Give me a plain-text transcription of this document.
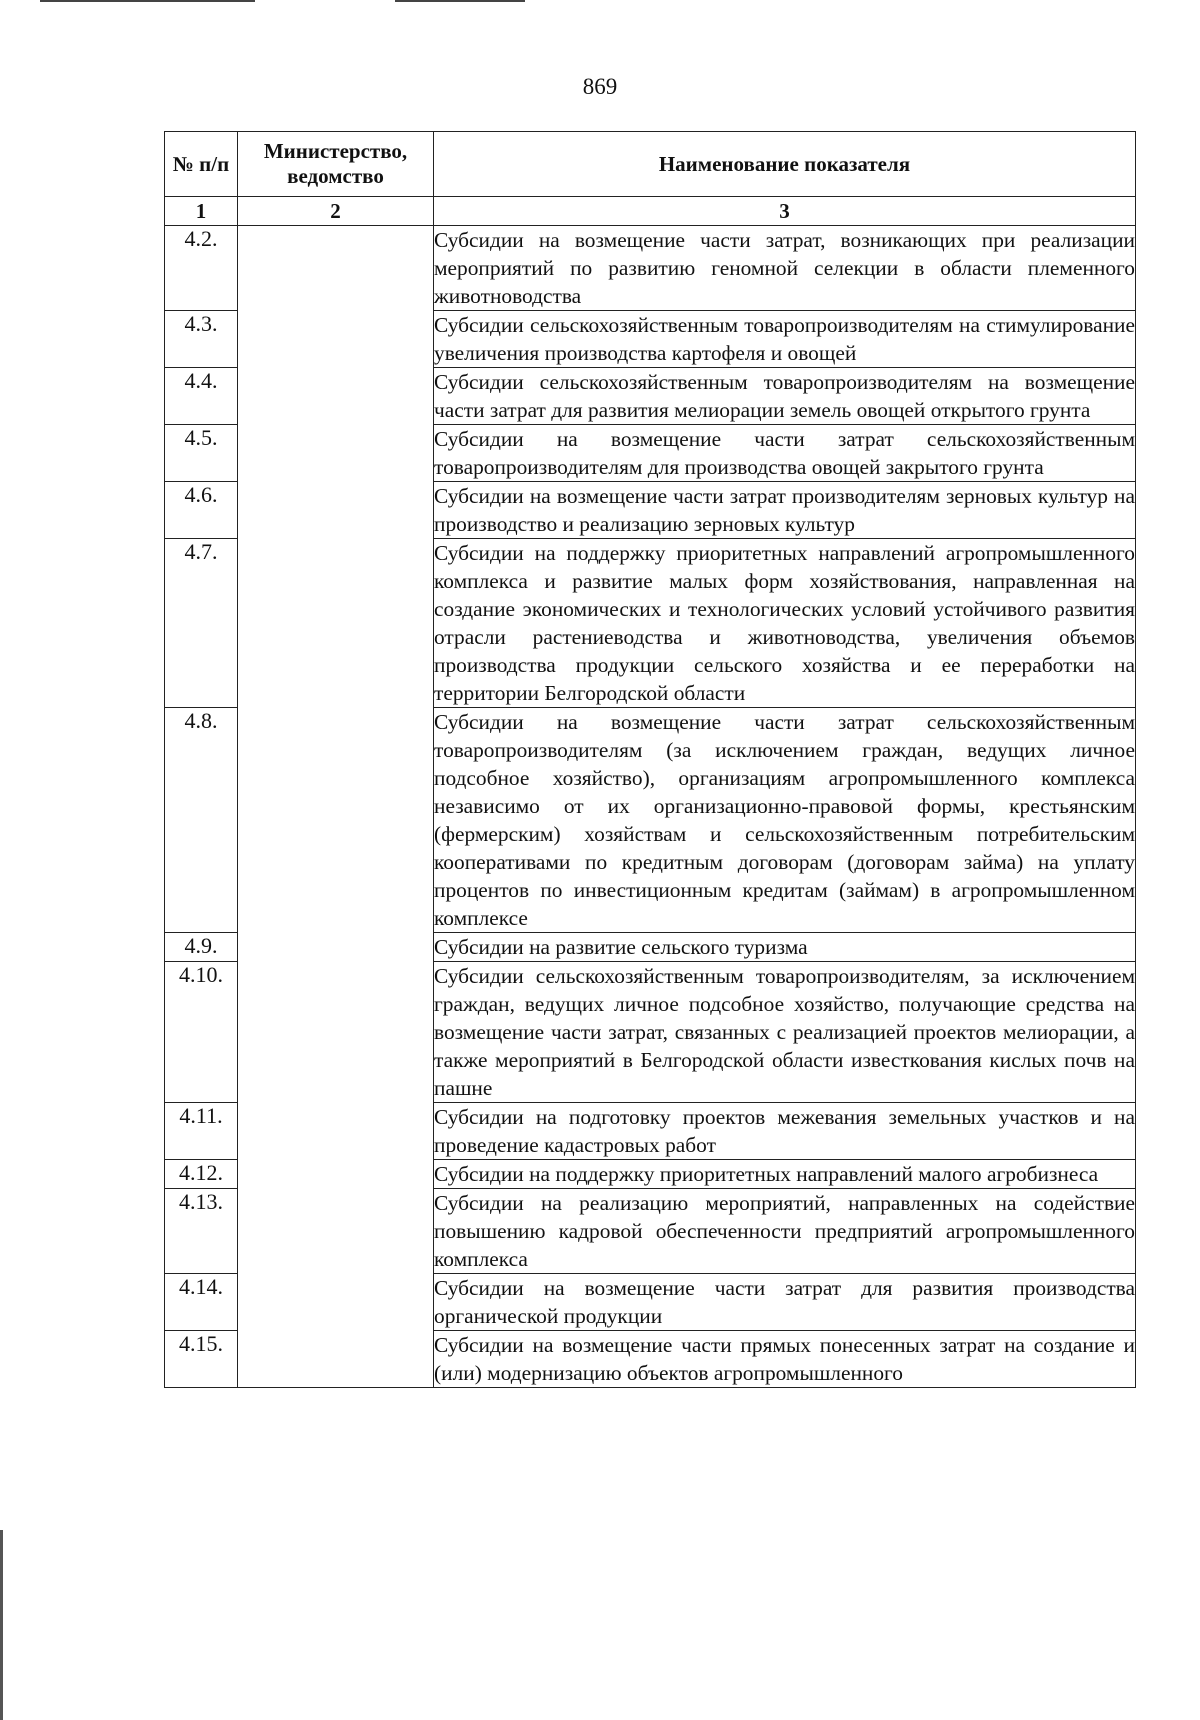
869
№ п/п	Министерство, ведомство	Наименование показателя
1	2	3
4.2.		Субсидии на возмещение части затрат, возникающих при реализации мероприятий по развитию геномной селекции в области племенного животноводства
4.3.		Субсидии сельскохозяйственным товаропроизводителям на стимулирование увеличения производства картофеля и овощей
4.4.		Субсидии сельскохозяйственным товаропроизводителям на возмещение части затрат для развития мелиорации земель овощей открытого грунта
4.5.		Субсидии на возмещение части затрат сельскохозяйственным товаропроизводителям для производства овощей закрытого грунта
4.6.		Субсидии на возмещение части затрат производителям зерновых культур на производство и реализацию зерновых культур
4.7.		Субсидии на поддержку приоритетных направлений агропромышленного комплекса и развитие малых форм хозяйствования, направленная на создание экономических и технологических условий устойчивого развития отрасли растениеводства и животноводства, увеличения объемов производства продукции сельского хозяйства и ее переработки на территории Белгородской области
4.8.		Субсидии на возмещение части затрат сельскохозяйственным товаропроизводителям (за исключением граждан, ведущих личное подсобное хозяйство), организациям агропромышленного комплекса независимо от их организационно-правовой формы, крестьянским (фермерским) хозяйствам и сельскохозяйственным потребительским кооперативами по кредитным договорам (договорам займа) на уплату процентов по инвестиционным кредитам (займам) в агропромышленном комплексе
4.9.		Субсидии на развитие сельского туризма
4.10.		Субсидии сельскохозяйственным товаропроизводителям, за исключением граждан, ведущих личное подсобное хозяйство, получающие средства на возмещение части затрат, связанных с реализацией проектов мелиорации, а также мероприятий в Белгородской области известкования кислых почв на пашне
4.11.		Субсидии на подготовку проектов межевания земельных участков и на проведение кадастровых работ
4.12.		Субсидии на поддержку приоритетных направлений малого агробизнеса
4.13.		Субсидии на реализацию мероприятий, направленных на содействие повышению кадровой обеспеченности предприятий агропромышленного комплекса
4.14.		Субсидии на возмещение части затрат для развития производства органической продукции
4.15.		Субсидии на возмещение части прямых понесенных затрат на создание и (или) модернизацию объектов агропромышленного
